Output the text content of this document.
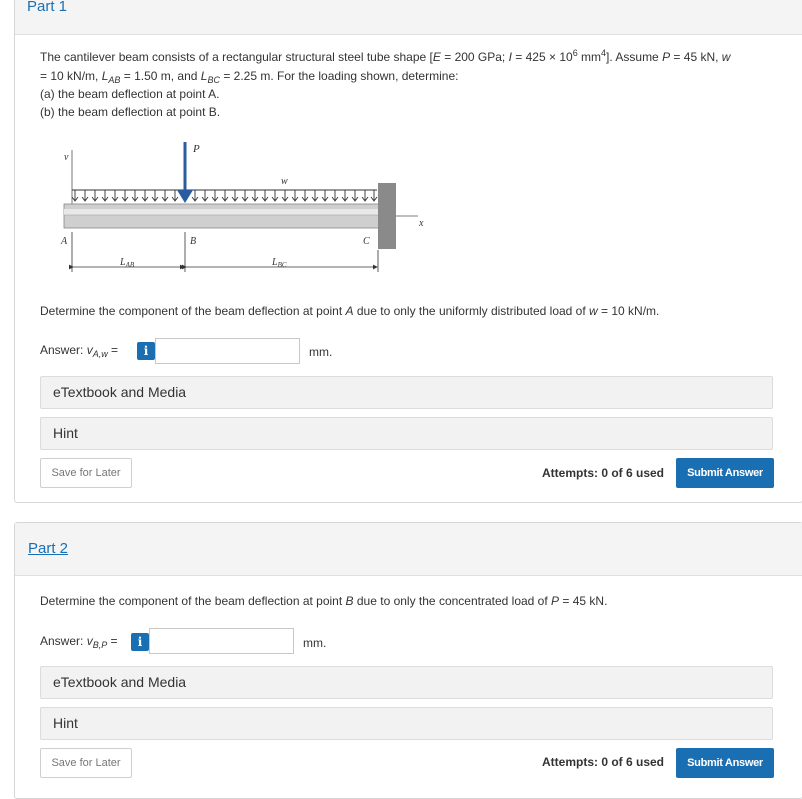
Part 1
The cantilever beam consists of a rectangular structural steel tube shape [E = 200 GPa; $I = 425 \times 10^6$ $mm^4$]. Assume P = 45 kN, w
= 10 kN/m, $L_{AB} = 1.50$ m, and $L_{BC} = 2.25$ m. For the loading shown, determine:
(a) the beam deflection at point A.
(b) the beam deflection at point B.
v
w
P
x
A	B	C
$L_{AB}$	$L_{BC}$
Determine the component of the beam deflection at point A due to only the uniformly distributed load of w = 10 kN/m.
Answer: $v_{A,w}$ =	i	mm.
eTextbook and Media
Hint
Save for Later	Attempts: 0 of 6 used	Submit Answer
Part 2
Determine the component of the beam deflection at point B due to only the concentrated load of P = 45 kN.
Answer: $v_{B,P}$ =	i	mm.
eTextbook and Media
Hint
Save for Later	Attempts: 0 of 6 used	Submit Answer
